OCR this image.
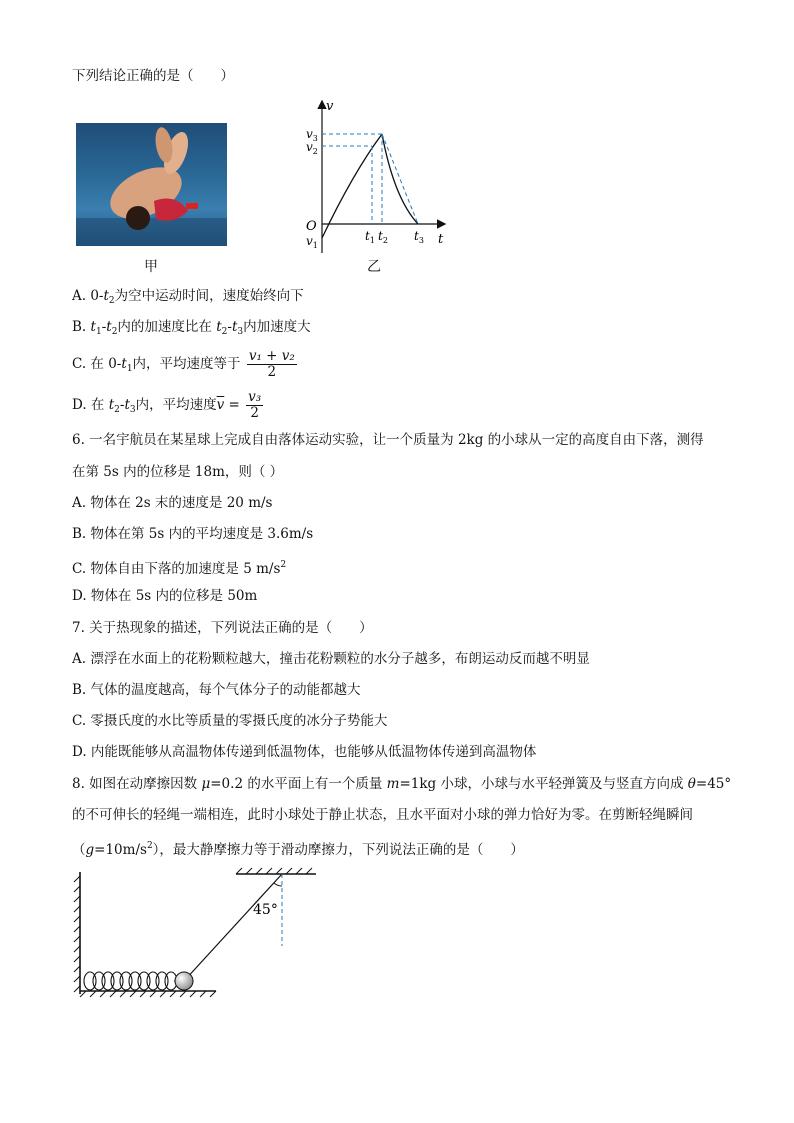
下列结论正确的是（　　）
甲
v
t
O
$v_3$
$v_2$
$v_1$
$t_1$ $t_2$ $t_3$
乙
A. $0-t_2$为空中运动时间，速度始终向下
B. $t_1-t_2$内的加速度比在 $t_2-t_3$内加速度大
C. 在 $0-t_1$内，平均速度等于 $\frac{\text{v₁ + v₂}}{2}$
D. 在 $t_2-t_3$内，平均速度$\overline{v} = \frac{\text{v₃}}{2}$
6. 一名宇航员在某星球上完成自由落体运动实验，让一个质量为 2kg 的小球从一定的高度自由下落，测得
在第 5s 内的位移是 18m，则（ ）
A. 物体在 2s 末的速度是 20 m/s
B. 物体在第 5s 内的平均速度是 3.6m/s
C. 物体自由下落的加速度是 5 $m/s^2$
D. 物体在 5s 内的位移是 50m
7. 关于热现象的描述，下列说法正确的是（　　）
A. 漂浮在水面上的花粉颗粒越大，撞击花粉颗粒的水分子越多，布朗运动反而越不明显
B. 气体的温度越高，每个气体分子的动能都越大
C. 零摄氏度的水比等质量的零摄氏度的冰分子势能大
D. 内能既能够从高温物体传递到低温物体，也能够从低温物体传递到高温物体
8. 如图在动摩擦因数 μ=0.2 的水平面上有一个质量 m=1kg 小球，小球与水平轻弹簧及与竖直方向成 θ=45°
的不可伸长的轻绳一端相连，此时小球处于静止状态，且水平面对小球的弹力恰好为零。在剪断轻绳瞬间
$(g=10m/s^2)$，最大静摩擦力等于滑动摩擦力，下列说法正确的是（　　）
45°
